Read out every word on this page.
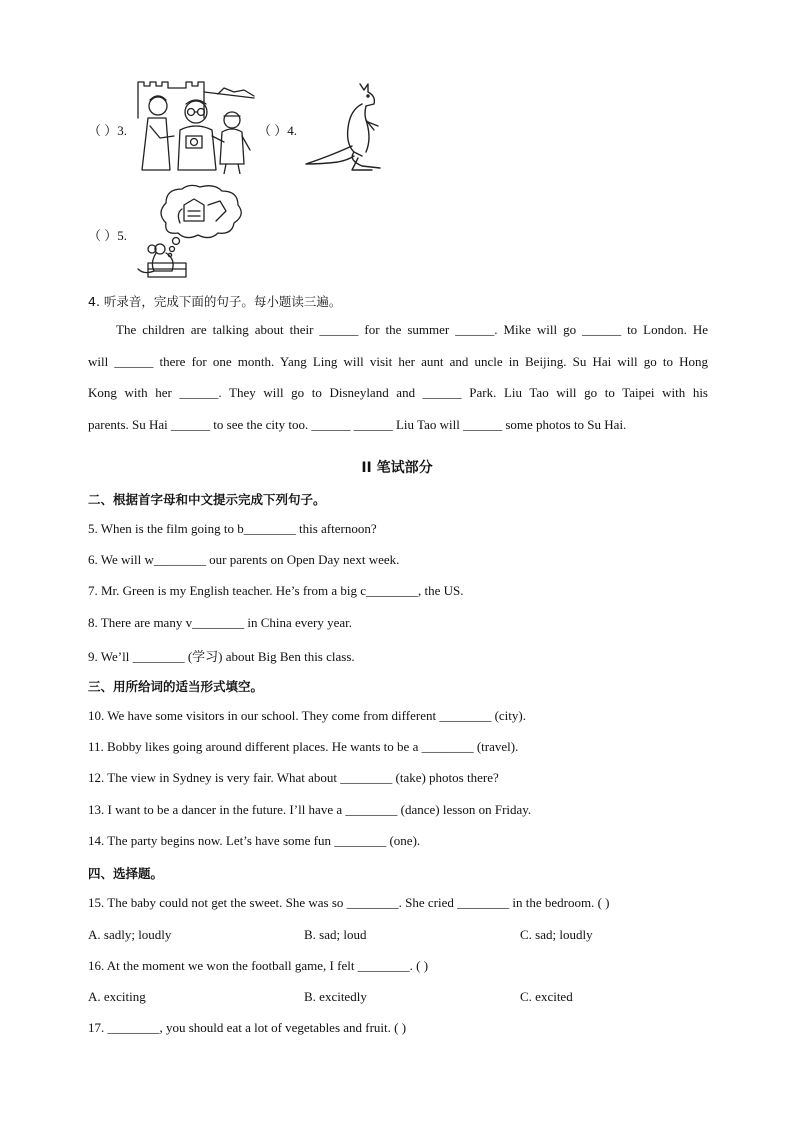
（ ）3.	（ ）4.
（ ）5.
4. 听录音，完成下面的句子。每小题读三遍。

The children are talking about their ______ for the summer ______. Mike will go ______ to London. He

will ______ there for one month. Yang Ling will visit her aunt and uncle in Beijing. Su Hai will go to Hong

Kong with her ______. They will go to Disneyland and ______ Park. Liu Tao will go to Taipei with his

parents. Su Hai ______ to see the city too. ______ ______ Liu Tao will ______ some photos to Su Hai.

II 笔试部分
二、根据首字母和中文提示完成下列句子。
5. When is the film going to b________ this afternoon?
6. We will w________ our parents on Open Day next week.
7. Mr. Green is my English teacher. He’s from a big c________, the US.
8. There are many v________ in China every year.
9. We’ll ________ (学习) about Big Ben this class.
三、用所给词的适当形式填空。
10. We have some visitors in our school. They come from different ________ (city).
11. Bobby likes going around different places. He wants to be a ________ (travel).
12. The view in Sydney is very fair. What about ________ (take) photos there?
13. I want to be a dancer in the future. I’ll have a ________ (dance) lesson on Friday.
14. The party begins now. Let’s have some fun ________ (one).
四、选择题。
15. The baby could not get the sweet. She was so ________. She cried ________ in the bedroom. ( )
A. sadly; loudly	B. sad; loud	C. sad; loudly
16. At the moment we won the football game, I felt ________. ( )
A. exciting	B. excitedly	C. excited
17. ________, you should eat a lot of vegetables and fruit. ( )
